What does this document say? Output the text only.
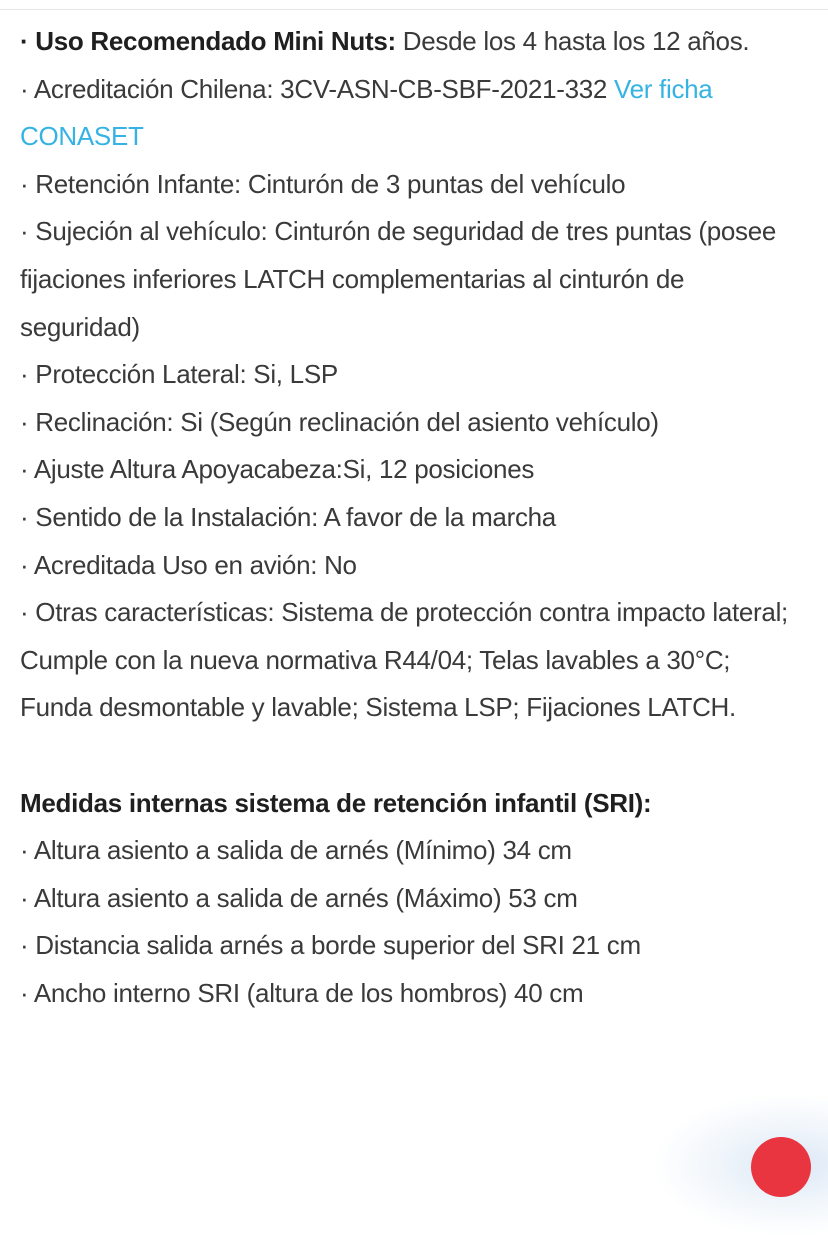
· Uso Recomendado Mini Nuts: Desde los 4 hasta los 12 años.

· Acreditación Chilena: 3CV-ASN-CB-SBF-2021-332 Ver ficha CONASET

· Retención Infante: Cinturón de 3 puntas del vehículo

· Sujeción al vehículo: Cinturón de seguridad de tres puntas (posee fijaciones inferiores LATCH complementarias al cinturón de seguridad)

· Protección Lateral: Si, LSP

· Reclinación: Si (Según reclinación del asiento vehículo)

· Ajuste Altura Apoyacabeza:Si, 12 posiciones

· Sentido de la Instalación: A favor de la marcha

· Acreditada Uso en avión: No

· Otras características: Sistema de protección contra impacto lateral; Cumple con la nueva normativa R44/04; Telas lavables a 30°C; Funda desmontable y lavable; Sistema LSP; Fijaciones LATCH.

Medidas internas sistema de retención infantil (SRI):

· Altura asiento a salida de arnés (Mínimo) 34 cm

· Altura asiento a salida de arnés (Máximo) 53 cm

· Distancia salida arnés a borde superior del SRI 21 cm

· Ancho interno SRI (altura de los hombros) 40 cm
